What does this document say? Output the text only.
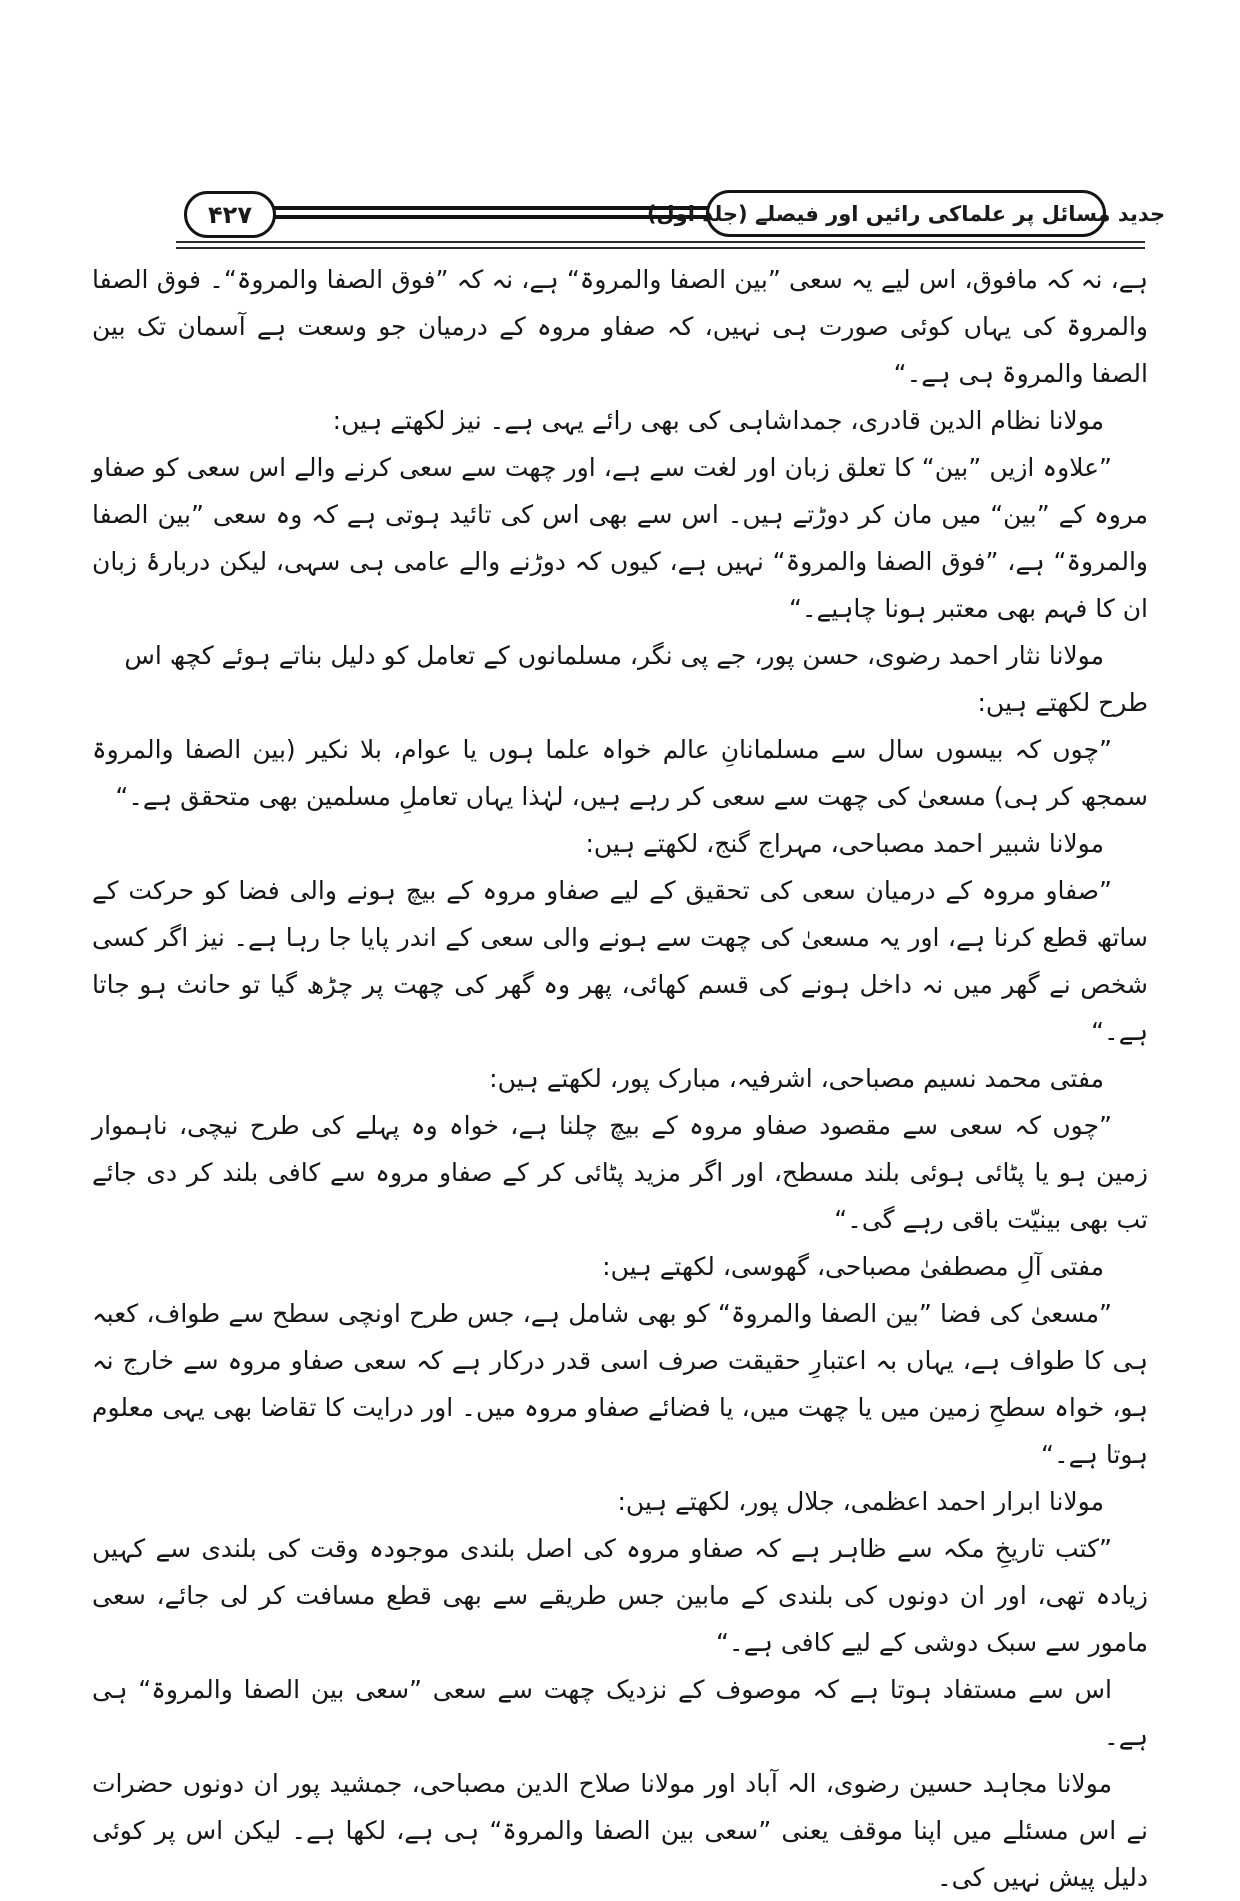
۴۲۷	جدید مسائل پر علماکی رائیں اور فیصلے (جلد اول)

ہے، نہ کہ مافوق، اس لیے یہ سعی ”بین الصفا والمروۃ“ ہے، نہ کہ ”فوق الصفا والمروۃ“۔ فوق الصفا والمروۃ کی یہاں کوئی صورت ہی نہیں، کہ صفاو مروہ کے درمیان جو وسعت ہے آسمان تک بین الصفا والمروۃ ہی ہے۔“

مولانا نظام الدین قادری، جمداشاہی کی بھی رائے یہی ہے۔ نیز لکھتے ہیں:

”علاوہ ازیں ”بین“ کا تعلق زبان اور لغت سے ہے، اور چھت سے سعی کرنے والے اس سعی کو صفاو مروہ کے ”بین“ میں مان کر دوڑتے ہیں۔ اس سے بھی اس کی تائید ہوتی ہے کہ وہ سعی ”بین الصفا والمروۃ“ ہے، ”فوق الصفا والمروۃ“ نہیں ہے، کیوں کہ دوڑنے والے عامی ہی سہی، لیکن دربارۂ زبان ان کا فہم بھی معتبر ہونا چاہیے۔“

مولانا نثار احمد رضوی، حسن پور، جے پی نگر، مسلمانوں کے تعامل کو دلیل بناتے ہوئے کچھ اس طرح لکھتے ہیں:

”چوں کہ بیسوں سال سے مسلمانانِ عالم خواہ علما ہوں یا عوام، بلا نکیر (بین الصفا والمروۃ سمجھ کر ہی) مسعیٰ کی چھت سے سعی کر رہے ہیں، لہٰذا یہاں تعاملِ مسلمین بھی متحقق ہے۔“

مولانا شبیر احمد مصباحی، مہراج گنج، لکھتے ہیں:

”صفاو مروہ کے درمیان سعی کی تحقیق کے لیے صفاو مروہ کے بیچ ہونے والی فضا کو حرکت کے ساتھ قطع کرنا ہے، اور یہ مسعیٰ کی چھت سے ہونے والی سعی کے اندر پایا جا رہا ہے۔ نیز اگر کسی شخص نے گھر میں نہ داخل ہونے کی قسم کھائی، پھر وہ گھر کی چھت پر چڑھ گیا تو حانث ہو جاتا ہے۔“

مفتی محمد نسیم مصباحی، اشرفیہ، مبارک پور، لکھتے ہیں:

”چوں کہ سعی سے مقصود صفاو مروہ کے بیچ چلنا ہے، خواہ وہ پہلے کی طرح نیچی، ناہموار زمین ہو یا پٹائی ہوئی بلند مسطح، اور اگر مزید پٹائی کر کے صفاو مروہ سے کافی بلند کر دی جائے تب بھی بینیّت باقی رہے گی۔“

مفتی آلِ مصطفیٰ مصباحی، گھوسی، لکھتے ہیں:

”مسعیٰ کی فضا ”بین الصفا والمروۃ“ کو بھی شامل ہے، جس طرح اونچی سطح سے طواف، کعبہ ہی کا طواف ہے، یہاں بہ اعتبارِ حقیقت صرف اسی قدر درکار ہے کہ سعی صفاو مروہ سے خارج نہ ہو، خواہ سطحِ زمین میں یا چھت میں، یا فضائے صفاو مروہ میں۔ اور درایت کا تقاضا بھی یہی معلوم ہوتا ہے۔“

مولانا ابرار احمد اعظمی، جلال پور، لکھتے ہیں:

”کتب تاریخِ مکہ سے ظاہر ہے کہ صفاو مروہ کی اصل بلندی موجودہ وقت کی بلندی سے کہیں زیادہ تھی، اور ان دونوں کی بلندی کے مابین جس طریقے سے بھی قطع مسافت کر لی جائے، سعی مامور سے سبک دوشی کے لیے کافی ہے۔“

اس سے مستفاد ہوتا ہے کہ موصوف کے نزدیک چھت سے سعی ”سعی بین الصفا والمروۃ“ ہی ہے۔

مولانا مجاہد حسین رضوی، الہ آباد اور مولانا صلاح الدین مصباحی، جمشید پور ان دونوں حضرات نے اس مسئلے میں اپنا موقف یعنی ”سعی بین الصفا والمروۃ“ ہی ہے، لکھا ہے۔ لیکن اس پر کوئی دلیل پیش نہیں کی۔
